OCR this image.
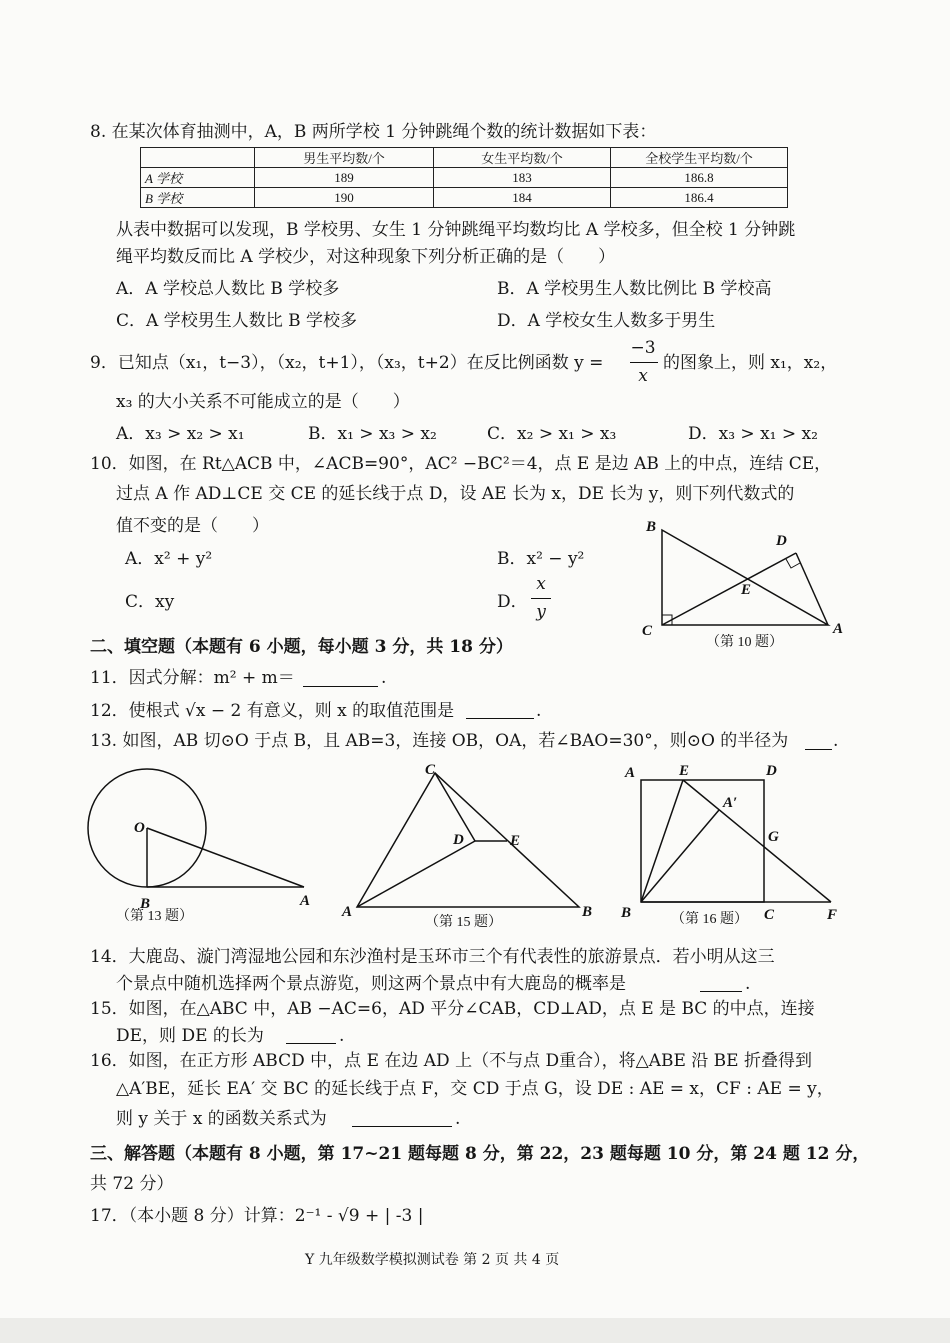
8. 在某次体育抽测中，A，B 两所学校 1 分钟跳绳个数的统计数据如下表：
	男生平均数/个	女生平均数/个	全校学生平均数/个
A 学校	189	183	186.8
B 学校	190	184	186.4
从表中数据可以发现，B 学校男、女生 1 分钟跳绳平均数均比 A 学校多，但全校 1 分钟跳
绳平均数反而比 A 学校少，对这种现象下列分析正确的是（　　）
A．A 学校总人数比 B 学校多	B．A 学校男生人数比例比 B 学校高
C．A 学校男生人数比 B 学校多	D．A 学校女生人数多于男生
9．已知点（x₁，t−3），（x₂，t+1），（x₃，t+2）在反比例函数 y =
−3
x
的图象上，则 x₁，x₂，
x₃ 的大小关系不可能成立的是（　　）
A．x₃ > x₂ > x₁	B．x₁ > x₃ > x₂	C．x₂ > x₁ > x₃	D．x₃ > x₁ > x₂
10．如图，在 Rt△ACB 中，∠ACB=90°，AC² −BC²＝4，点 E 是边 AB 上的中点，连结 CE，
过点 A 作 AD⊥CE 交 CE 的延长线于点 D，设 AE 长为 x，DE 长为 y，则下列代数式的
值不变的是（　　）
A．x² + y²	B．x² − y²
C．xy	D．
x
y
B
D
E
C	A
（第 10 题）
二、填空题（本题有 6 小题，每小题 3 分，共 18 分）
11．因式分解：m² + m＝	.
12．使根式 √x − 2 有意义，则 x 的取值范围是	.
13. 如图，AB 切⊙O 于点 B，且 AB=3，连接 OB，OA，若∠BAO=30°，则⊙O 的半径为	.
O
B	A
（第 13 题）
C
D	E
A	B
（第 15 题）
A	E	D
A′
G
B	C	F
（第 16 题）
14．大鹿岛、漩门湾湿地公园和东沙渔村是玉环市三个有代表性的旅游景点．若小明从这三
个景点中随机选择两个景点游览，则这两个景点中有大鹿岛的概率是	.
15．如图，在△ABC 中，AB −AC=6，AD 平分∠CAB，CD⊥AD，点 E 是 BC 的中点，连接
DE，则 DE 的长为	.
16．如图，在正方形 ABCD 中，点 E 在边 AD 上（不与点 D重合），将△ABE 沿 BE 折叠得到
△A′BE，延长 EA′ 交 BC 的延长线于点 F，交 CD 于点 G，设 DE : AE = x，CF : AE = y，
则 y 关于 x 的函数关系式为	.
三、解答题（本题有 8 小题，第 17~21 题每题 8 分，第 22，23 题每题 10 分，第 24 题 12 分，
共 72 分）
17．（本小题 8 分）计算：2⁻¹ - √9 + | -3 |
Y 九年级数学模拟测试卷 第 2 页 共 4 页
